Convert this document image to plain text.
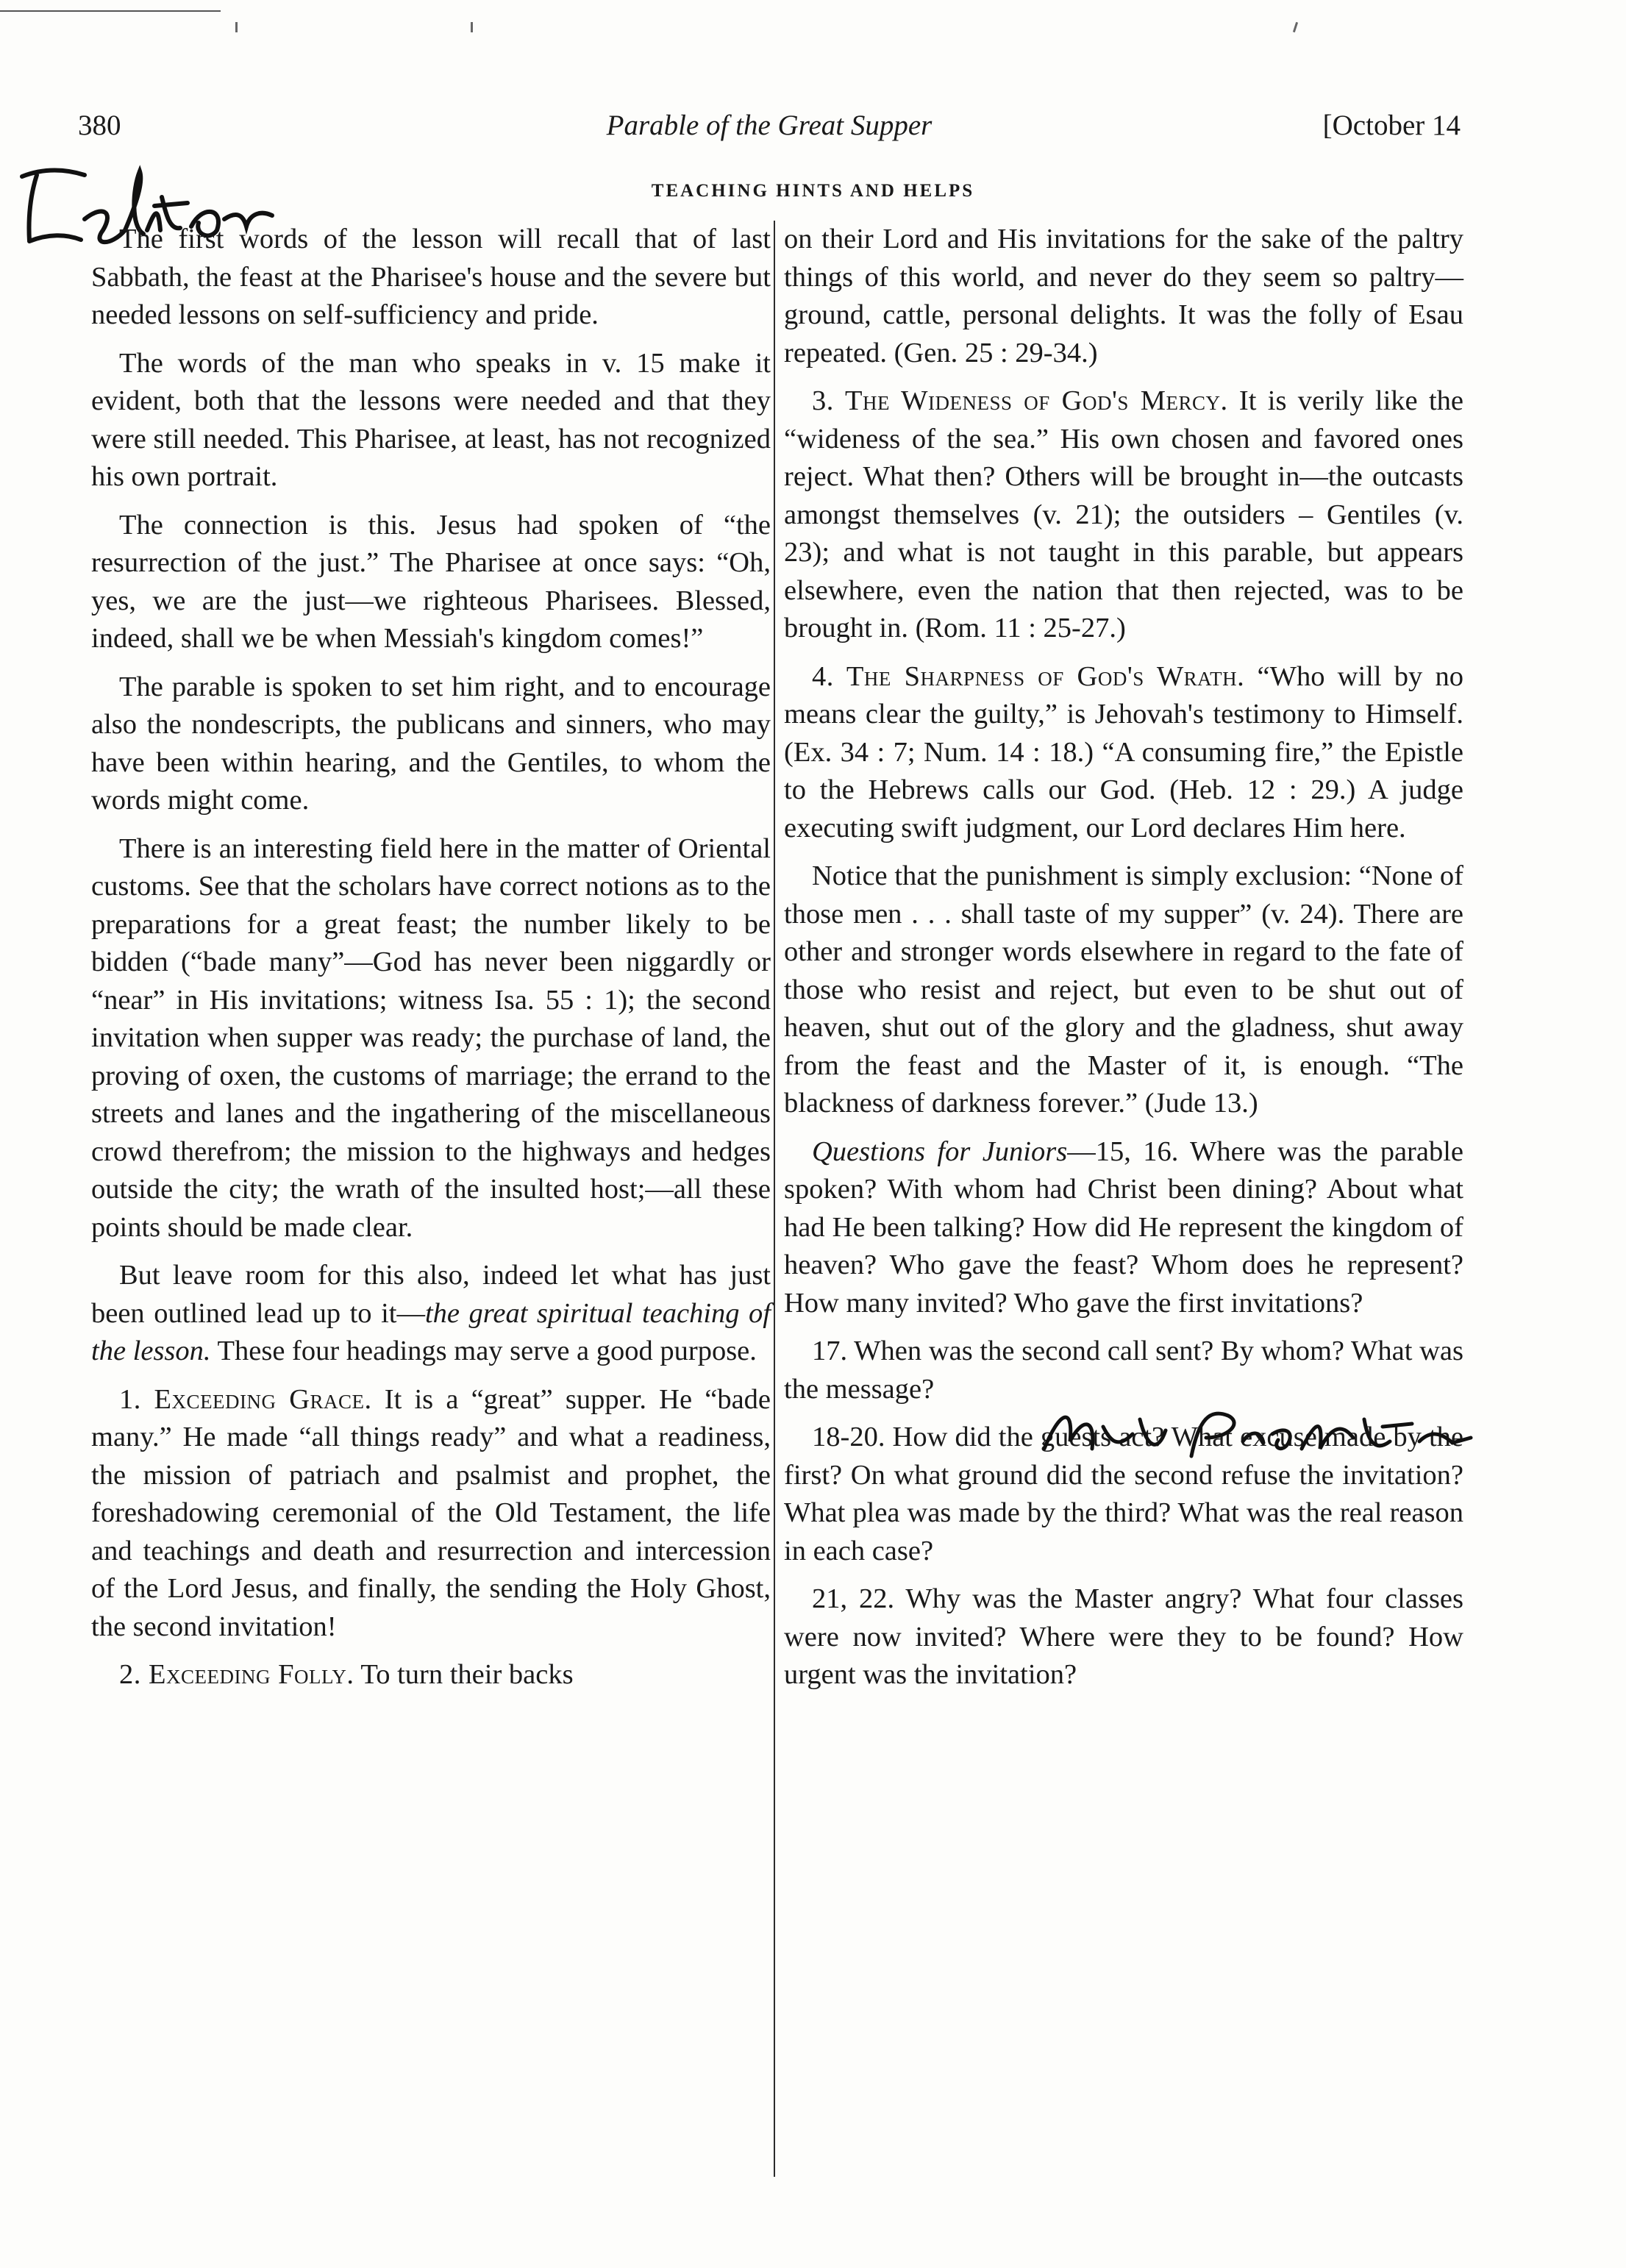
380	Parable of the Great Supper	[October 14
Editor
TEACHING HINTS AND HELPS

The first words of the lesson will recall that of last Sabbath, the feast at the Pharisee's house and the severe but needed lessons on self-sufficiency and pride.

The words of the man who speaks in v. 15 make it evident, both that the lessons were needed and that they were still needed. This Pharisee, at least, has not recognized his own portrait.

The connection is this. Jesus had spoken of “the resurrection of the just.” The Pharisee at once says: “Oh, yes, we are the just—we righteous Pharisees. Blessed, indeed, shall we be when Messiah's kingdom comes!”

The parable is spoken to set him right, and to encourage also the nondescripts, the publicans and sinners, who may have been within hearing, and the Gentiles, to whom the words might come.

There is an interesting field here in the matter of Oriental customs. See that the scholars have correct notions as to the preparations for a great feast; the number likely to be bidden (“bade many”—God has never been niggardly or “near” in His invitations; witness Isa. 55 : 1); the second invitation when supper was ready; the purchase of land, the proving of oxen, the customs of marriage; the errand to the streets and lanes and the ingathering of the miscellaneous crowd therefrom; the mission to the highways and hedges outside the city; the wrath of the insulted host;—all these points should be made clear.

But leave room for this also, indeed let what has just been outlined lead up to it—the great spiritual teaching of the lesson. These four headings may serve a good purpose.

1. Exceeding Grace. It is a “great” supper. He “bade many.” He made “all things ready” and what a readiness, the mission of patriach and psalmist and prophet, the foreshadowing ceremonial of the Old Testament, the life and teachings and death and resurrection and intercession of the Lord Jesus, and finally, the sending the Holy Ghost, the second invitation!

2. Exceeding Folly. To turn their backs

on their Lord and His invitations for the sake of the paltry things of this world, and never do they seem so paltry—ground, cattle, personal delights. It was the folly of Esau repeated. (Gen. 25 : 29-34.)

3. The Wideness of God's Mercy. It is verily like the “wideness of the sea.” His own chosen and favored ones reject. What then? Others will be brought in—the outcasts amongst themselves (v. 21); the outsiders – Gentiles (v. 23); and what is not taught in this parable, but appears elsewhere, even the nation that then rejected, was to be brought in. (Rom. 11 : 25-27.)

4. The Sharpness of God's Wrath. “Who will by no means clear the guilty,” is Jehovah's testimony to Himself. (Ex. 34 : 7; Num. 14 : 18.) “A consuming fire,” the Epistle to the Hebrews calls our God. (Heb. 12 : 29.) A judge executing swift judgment, our Lord declares Him here.

Notice that the punishment is simply exclusion: “None of those men . . . shall taste of my supper” (v. 24). There are other and stronger words elsewhere in regard to the fate of those who resist and reject, but even to be shut out of heaven, shut out of the glory and the gladness, shut away from the feast and the Master of it, is enough. “The blackness of darkness forever.” (Jude 13.)

Questions for Juniors—15, 16. Where was the parable spoken? With whom had Christ been dining? About what had He been talking? How did He represent the kingdom of heaven? Who gave the feast? Whom does he represent? How many invited? Who gave the first invitations?

17. When was the second call sent? By whom? What was the message?

18-20. How did the guests act? What excuse made by the first? On what ground did the second refuse the invitation? What plea was made by the third? What was the real reason in each case?

21, 22. Why was the Master angry? What four classes were now invited? Where were they to be found? How urgent was the invitation?

Mrs. Prost...
